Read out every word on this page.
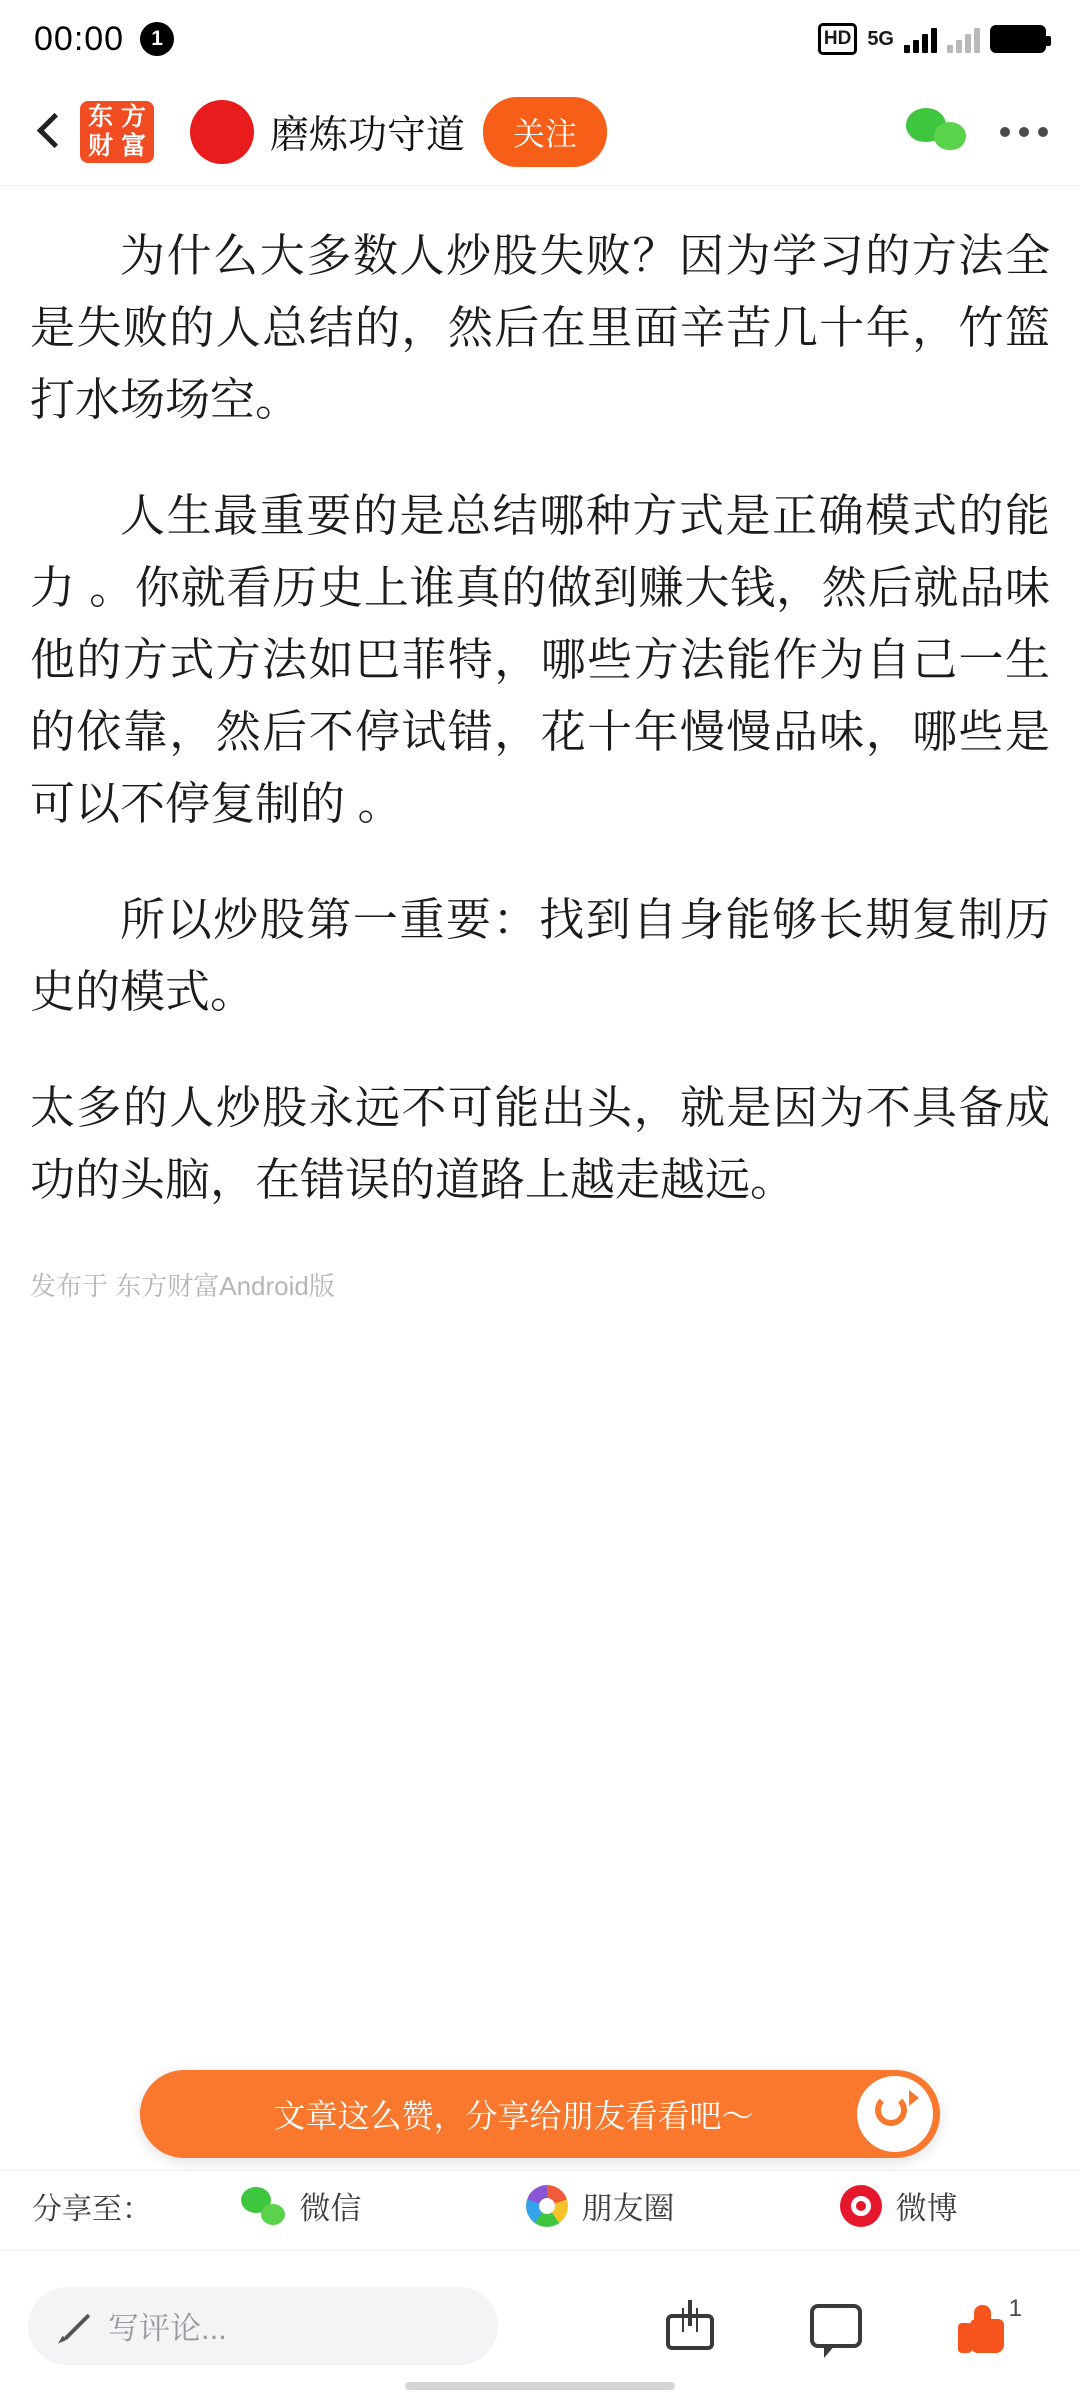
00:00	1	HD 5G
东 方
财 富	磨炼功守道	关注

为什么大多数人炒股失败？因为学习的方法全是失败的人总结的，然后在里面辛苦几十年，竹篮打水场场空。

人生最重要的是总结哪种方式是正确模式的能力 。你就看历史上谁真的做到赚大钱，然后就品味他的方式方法如巴菲特，哪些方法能作为自己一生的依靠，然后不停试错，花十年慢慢品味，哪些是可以不停复制的 。

所以炒股第一重要：找到自身能够长期复制历史的模式。

太多的人炒股永远不可能出头，就是因为不具备成功的头脑，在错误的道路上越走越远。

发布于 东方财富Android版
文章这么赞，分享给朋友看看吧～
分享至：	微信	朋友圈	微博
写评论...
1
